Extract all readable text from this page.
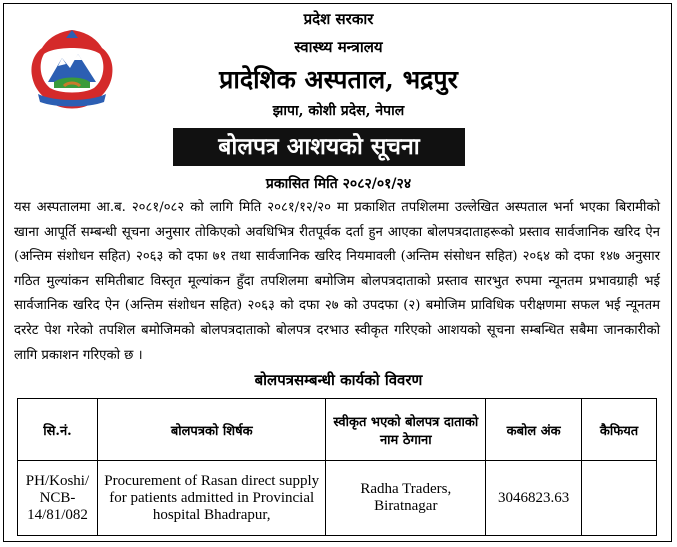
प्रदेश सरकार
स्वास्थ्य मन्त्रालय
प्रादेशिक अस्पताल, भद्रपुर
झापा, कोशी प्रदेस, नेपाल
बोलपत्र आशयको सूचना
प्रकासित मिति २०८२/०१/२४
यस अस्पतालमा आ.ब. २०८१/०८२ को लागि मिति २०८१/१२/२० मा प्रकाशित तपशिलमा उल्लेखित अस्पताल भर्ना भएका बिरामीको खाना आपूर्ति सम्बन्धी सूचना अनुसार तोकिएको अवधिभित्र रीतपूर्वक दर्ता हुन आएका बोलपत्रदाताहरूको प्रस्ताव सार्वजानिक खरिद ऐन (अन्तिम संशोधन सहित) २०६३ को दफा ७१ तथा सार्वजानिक खरिद नियमावली (अन्तिम संसोधन सहित) २०६४ को दफा १४७ अनुसार गठित मुल्यांकन समितीबाट विस्तृत मूल्यांकन हुँदा तपशिलमा बमोजिम बोलपत्रदाताको प्रस्ताव सारभुत रुपमा न्यूनतम प्रभावग्राही भई सार्वजानिक खरिद ऐन (अन्तिम संशोधन सहित) २०६३ को दफा २७ को उपदफा (२) बमोजिम प्राविधिक परीक्षणमा सफल भई न्यूनतम दररेट पेश गरेको तपशिल बमोजिमको बोलपत्रदाताको बोलपत्र दरभाउ स्वीकृत गरिएको आशयको सूचना सम्बन्धित सबैमा जानकारीको लागि प्रकाशन गरिएको छ ।
बोलपत्रसम्बन्धी कार्यको विवरण
सि.नं.	बोलपत्रको शिर्षक	स्वीकृत भएको बोलपत्र दाताको नाम ठेगाना	कबोल अंक	कैफियत
PH/Koshi/ NCB-14/81/082	Procurement of Rasan direct supply for patients admitted in Provincial hospital Bhadrapur,	Radha Traders, Biratnagar	3046823.63	
